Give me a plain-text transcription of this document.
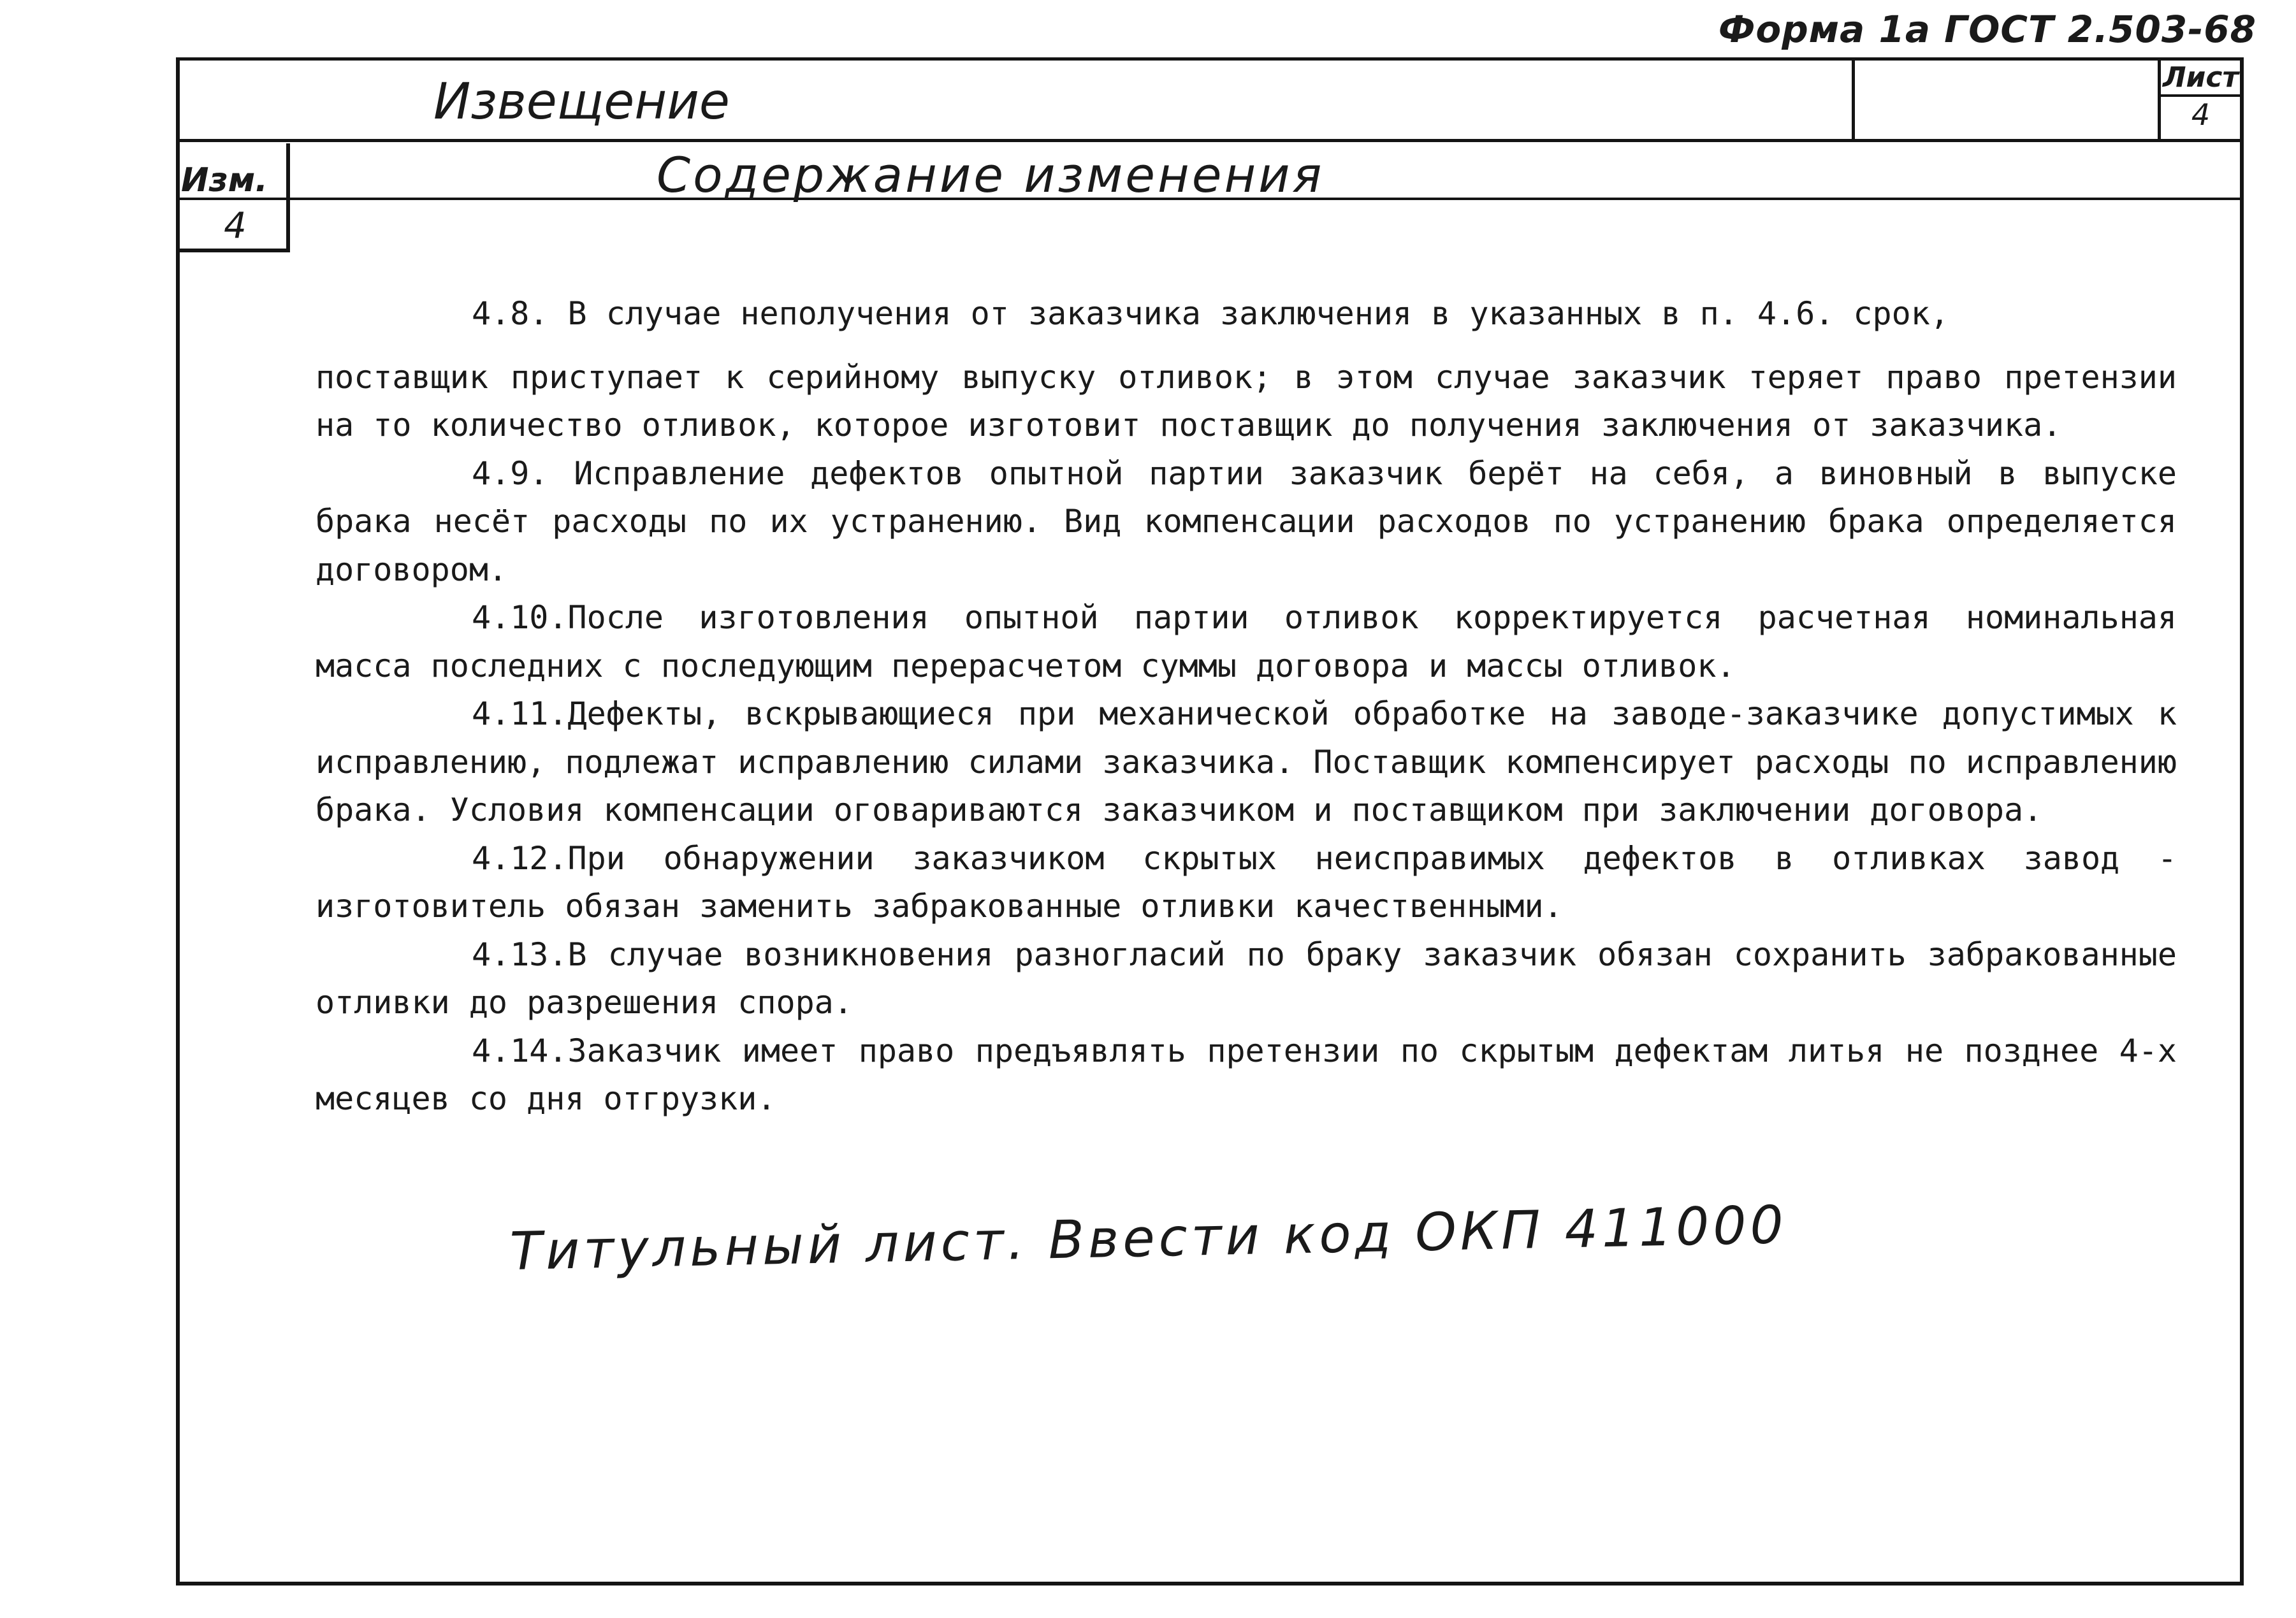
Форма 1а ГОСТ 2.503-68
Извещение
Содержание изменения
Лист
4
Изм.
4

4.8. В случае неполучения от заказчика заключения в указанных в п. 4.6. срок,

поставщик приступает к серийному выпуску отливок; в этом случае заказчик теряет право претензии на то количество отливок, которое изготовит поставщик до получения заключения от заказчика.

4.9. Исправление дефектов опытной партии заказчик берёт на себя, а виновный в выпуске брака несёт расходы по их устранению. Вид компенсации расходов по устранению брака определяется договором.

4.10.После изготовления опытной партии отливок корректируется расчетная номинальная масса последних с последующим перерасчетом суммы договора и массы отливок.

4.11.Дефекты, вскрывающиеся при механической обработке на заводе-заказчике допустимых к исправлению, подлежат исправлению силами заказчика. Поставщик компенсирует расходы по исправлению брака. Условия компенсации оговариваются заказчиком и поставщиком при заключении договора.

4.12.При обнаружении заказчиком скрытых неисправимых дефектов в отливках завод - изготовитель обязан заменить забракованные отливки качественными.

4.13.В случае возникновения разногласий по браку заказчик обязан сохранить забракованные отливки до разрешения спора.

4.14.Заказчик имеет право предъявлять претензии по скрытым дефектам литья не позднее 4-х месяцев со дня отгрузки.

Титульный лист. Ввести код ОКП 411000
